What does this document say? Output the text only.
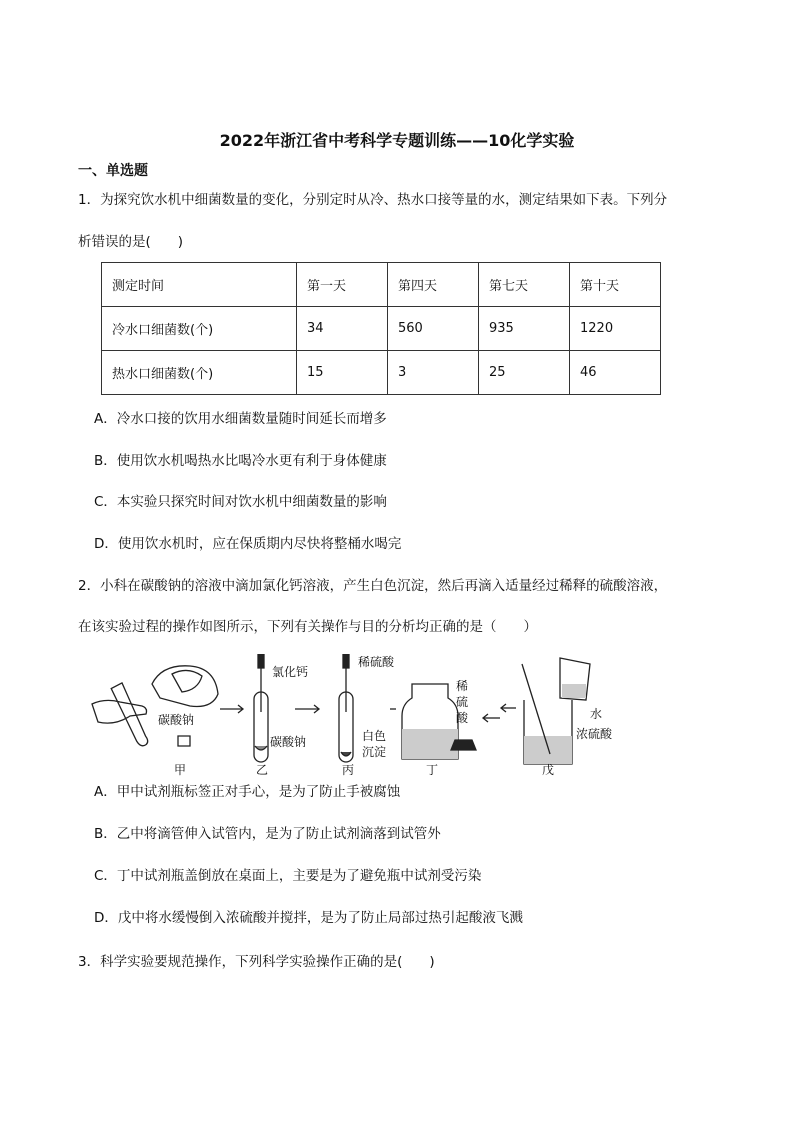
2022年浙江省中考科学专题训练——10化学实验
一、单选题
1．为探究饮水机中细菌数量的变化，分别定时从冷、热水口接等量的水，测定结果如下表。下列分
析错误的是(　　)
测定时间	第一天	第四天	第七天	第十天
冷水口细菌数(个)	34	560	935	1220
热水口细菌数(个)	15	3	25	46
A．冷水口接的饮用水细菌数量随时间延长而增多
B．使用饮水机喝热水比喝冷水更有利于身体健康
C．本实验只探究时间对饮水机中细菌数量的影响
D．使用饮水机时，应在保质期内尽快将整桶水喝完
2．小科在碳酸钠的溶液中滴加氯化钙溶液，产生白色沉淀，然后再滴入适量经过稀释的硫酸溶液，
在该实验过程的操作如图所示，下列有关操作与目的分析均正确的是（　　）
碳酸钠
氯化钙
碳酸钠
稀硫酸
白色
沉淀
稀
硫
酸	水
浓硫酸
甲	乙	丙	丁	戊
A．甲中试剂瓶标签正对手心，是为了防止手被腐蚀
B．乙中将滴管伸入试管内，是为了防止试剂滴落到试管外
C．丁中试剂瓶盖倒放在桌面上，主要是为了避免瓶中试剂受污染
D．戊中将水缓慢倒入浓硫酸并搅拌，是为了防止局部过热引起酸液飞溅
3．科学实验要规范操作，下列科学实验操作正确的是(　　)
